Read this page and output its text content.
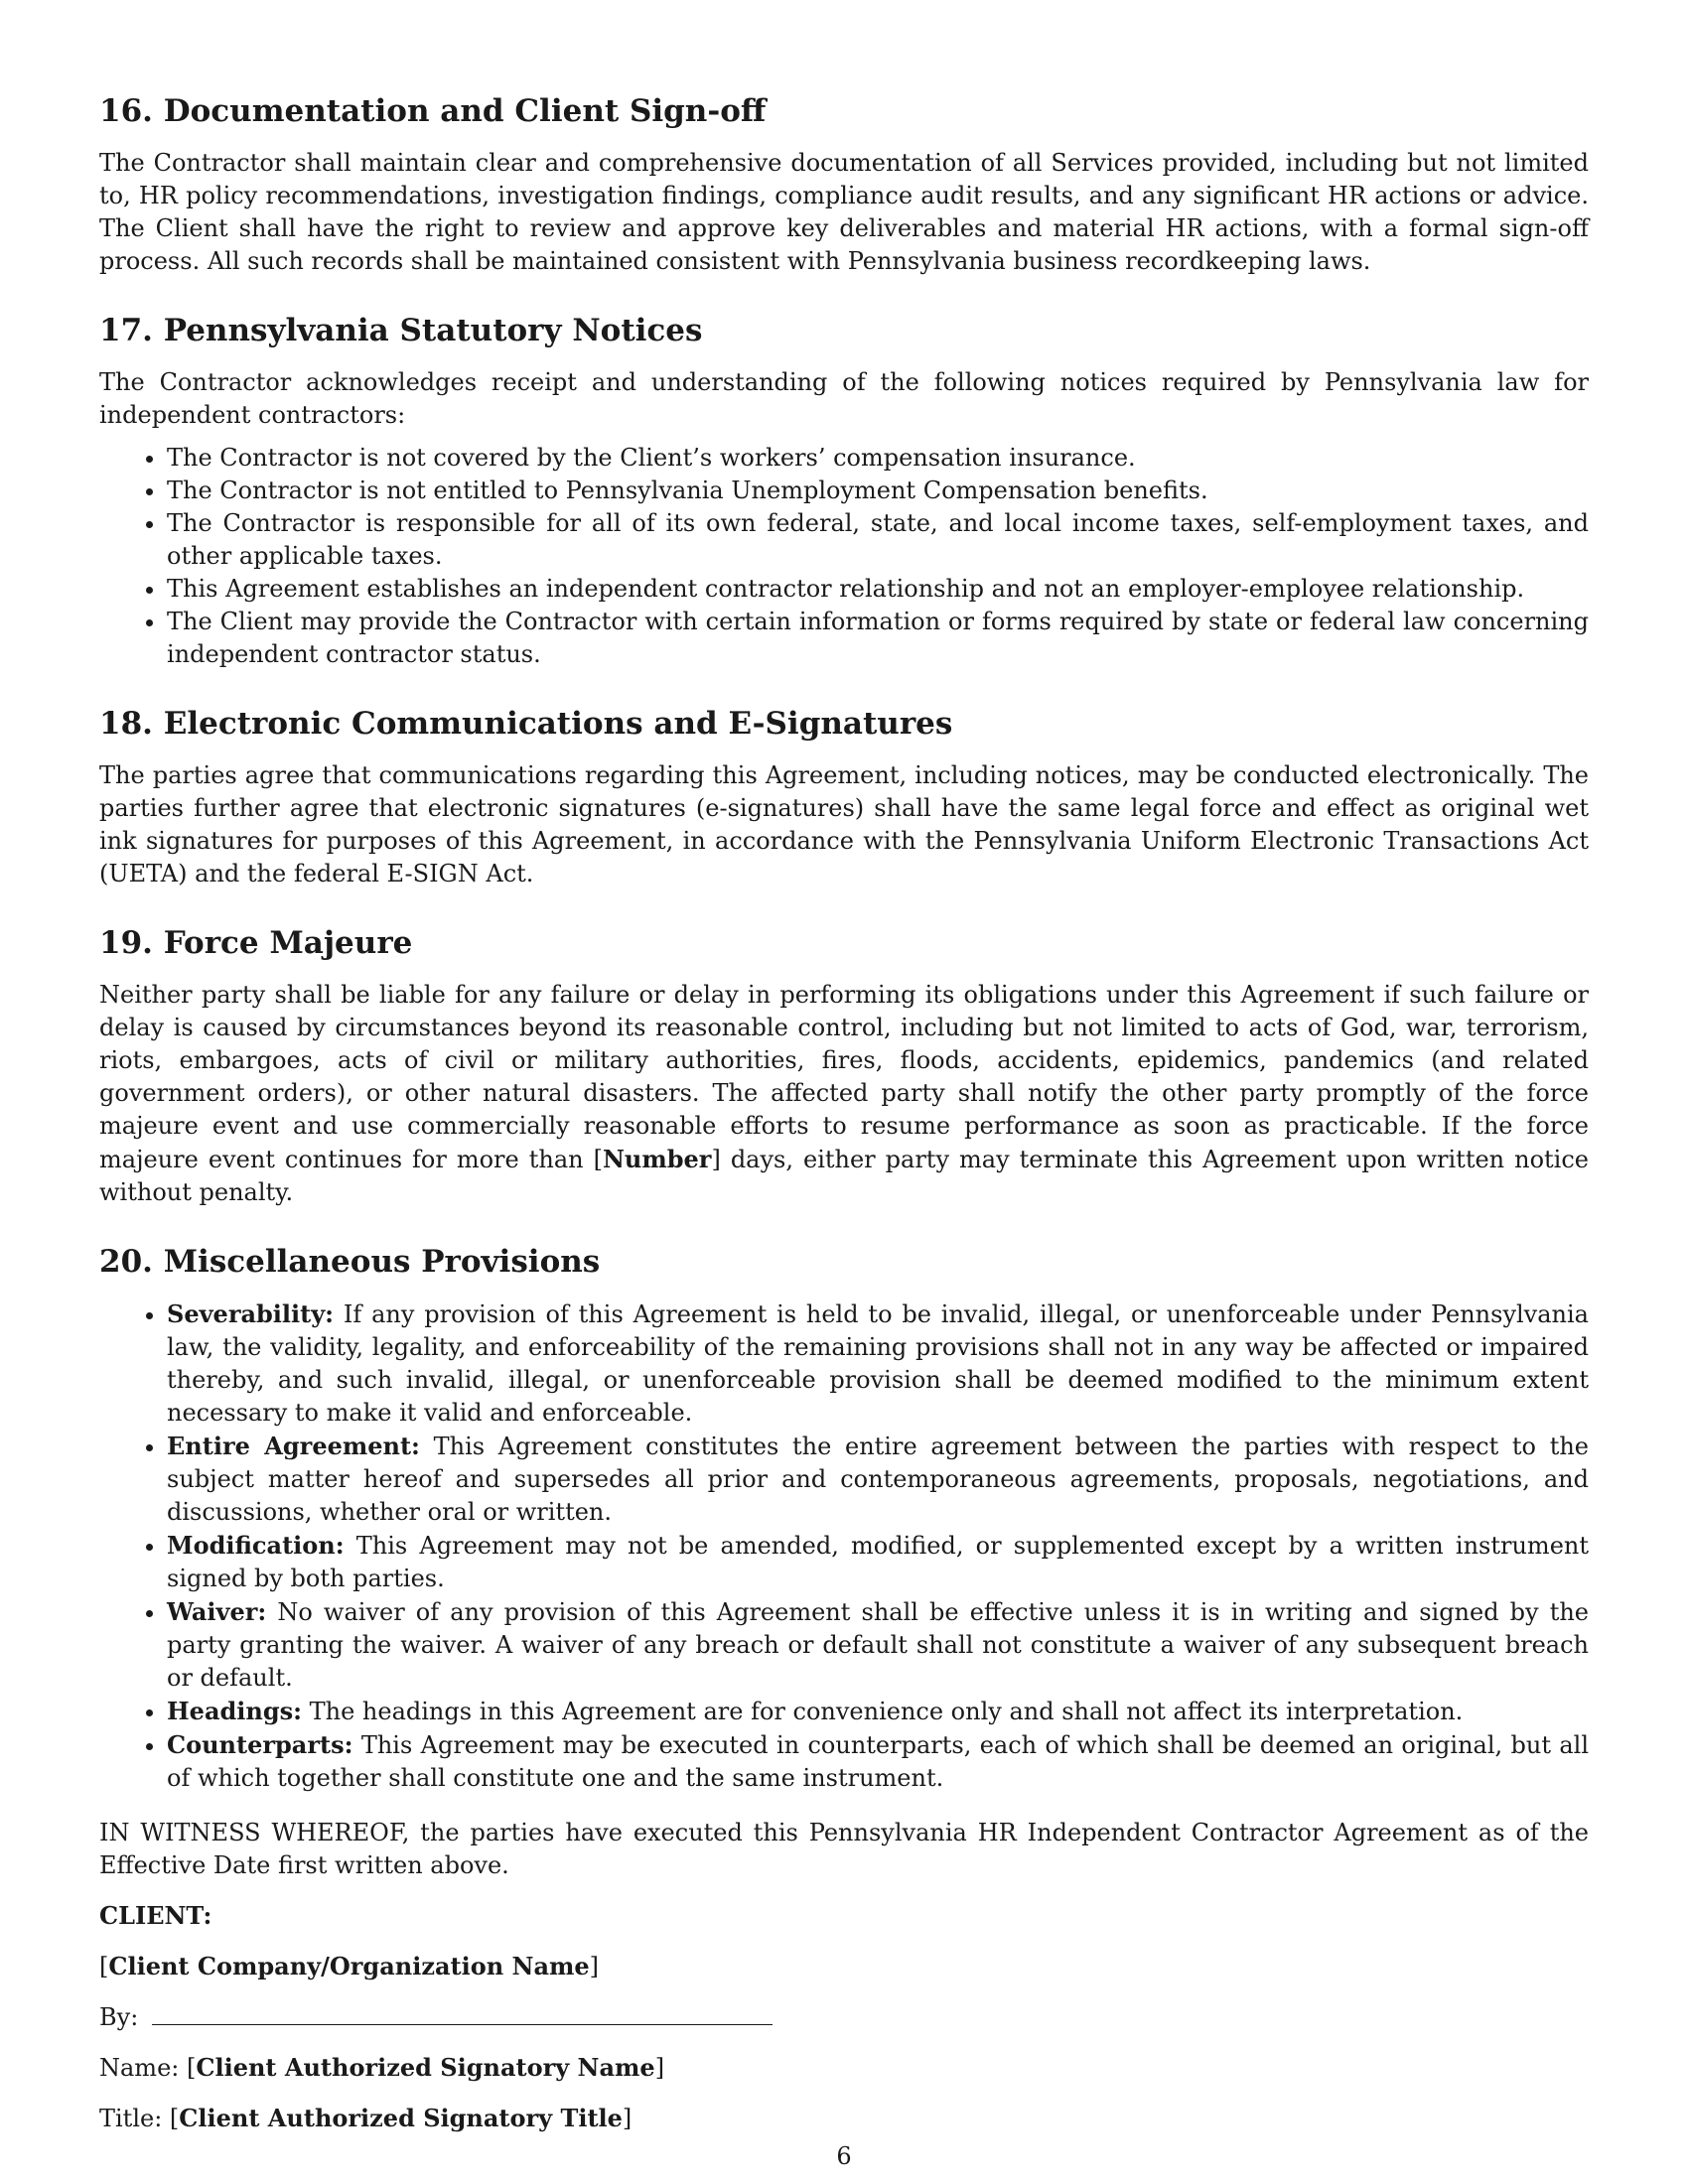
16. Documentation and Client Sign-off

The Contractor shall maintain clear and comprehensive documentation of all Services provided, including but not limited to, HR policy recommendations, investigation findings, compliance audit results, and any significant HR actions or advice. The Client shall have the right to review and approve key deliverables and material HR actions, with a formal sign-off process. All such records shall be maintained consistent with Pennsylvania business recordkeeping laws.

17. Pennsylvania Statutory Notices

The Contractor acknowledges receipt and understanding of the following notices required by Pennsylvania law for independent contractors:

• The Contractor is not covered by the Client’s workers’ compensation insurance.
• The Contractor is not entitled to Pennsylvania Unemployment Compensation benefits.
• The Contractor is responsible for all of its own federal, state, and local income taxes, self-employment taxes, and other applicable taxes.
• This Agreement establishes an independent contractor relationship and not an employer-employee relationship.
• The Client may provide the Contractor with certain information or forms required by state or federal law concerning independent contractor status.
18. Electronic Communications and E-Signatures

The parties agree that communications regarding this Agreement, including notices, may be conducted electronically. The parties further agree that electronic signatures (e-signatures) shall have the same legal force and effect as original wet ink signatures for purposes of this Agreement, in accordance with the Pennsylvania Uniform Electronic Transactions Act (UETA) and the federal E-SIGN Act.

19. Force Majeure

Neither party shall be liable for any failure or delay in performing its obligations under this Agreement if such failure or delay is caused by circumstances beyond its reasonable control, including but not limited to acts of God, war, terrorism, riots, embargoes, acts of civil or military authorities, fires, floods, accidents, epidemics, pandemics (and related government orders), or other natural disasters. The affected party shall notify the other party promptly of the force majeure event and use commercially reasonable efforts to resume performance as soon as practicable. If the force majeure event continues for more than [Number] days, either party may terminate this Agreement upon written notice without penalty.

20. Miscellaneous Provisions
• Severability: If any provision of this Agreement is held to be invalid, illegal, or unenforceable under Pennsylvania law, the validity, legality, and enforceability of the remaining provisions shall not in any way be affected or impaired thereby, and such invalid, illegal, or unenforceable provision shall be deemed modified to the minimum extent necessary to make it valid and enforceable.
• Entire Agreement: This Agreement constitutes the entire agreement between the parties with respect to the subject matter hereof and supersedes all prior and contemporaneous agreements, proposals, negotiations, and discussions, whether oral or written.
• Modification: This Agreement may not be amended, modified, or supplemented except by a written instrument signed by both parties.
• Waiver: No waiver of any provision of this Agreement shall be effective unless it is in writing and signed by the party granting the waiver. A waiver of any breach or default shall not constitute a waiver of any subsequent breach or default.
• Headings: The headings in this Agreement are for convenience only and shall not affect its interpretation.
• Counterparts: This Agreement may be executed in counterparts, each of which shall be deemed an original, but all of which together shall constitute one and the same instrument.

IN WITNESS WHEREOF, the parties have executed this Pennsylvania HR Independent Contractor Agreement as of the Effective Date first written above.

CLIENT:
[Client Company/Organization Name]
By:
Name: [Client Authorized Signatory Name]
Title: [Client Authorized Signatory Title]
6
